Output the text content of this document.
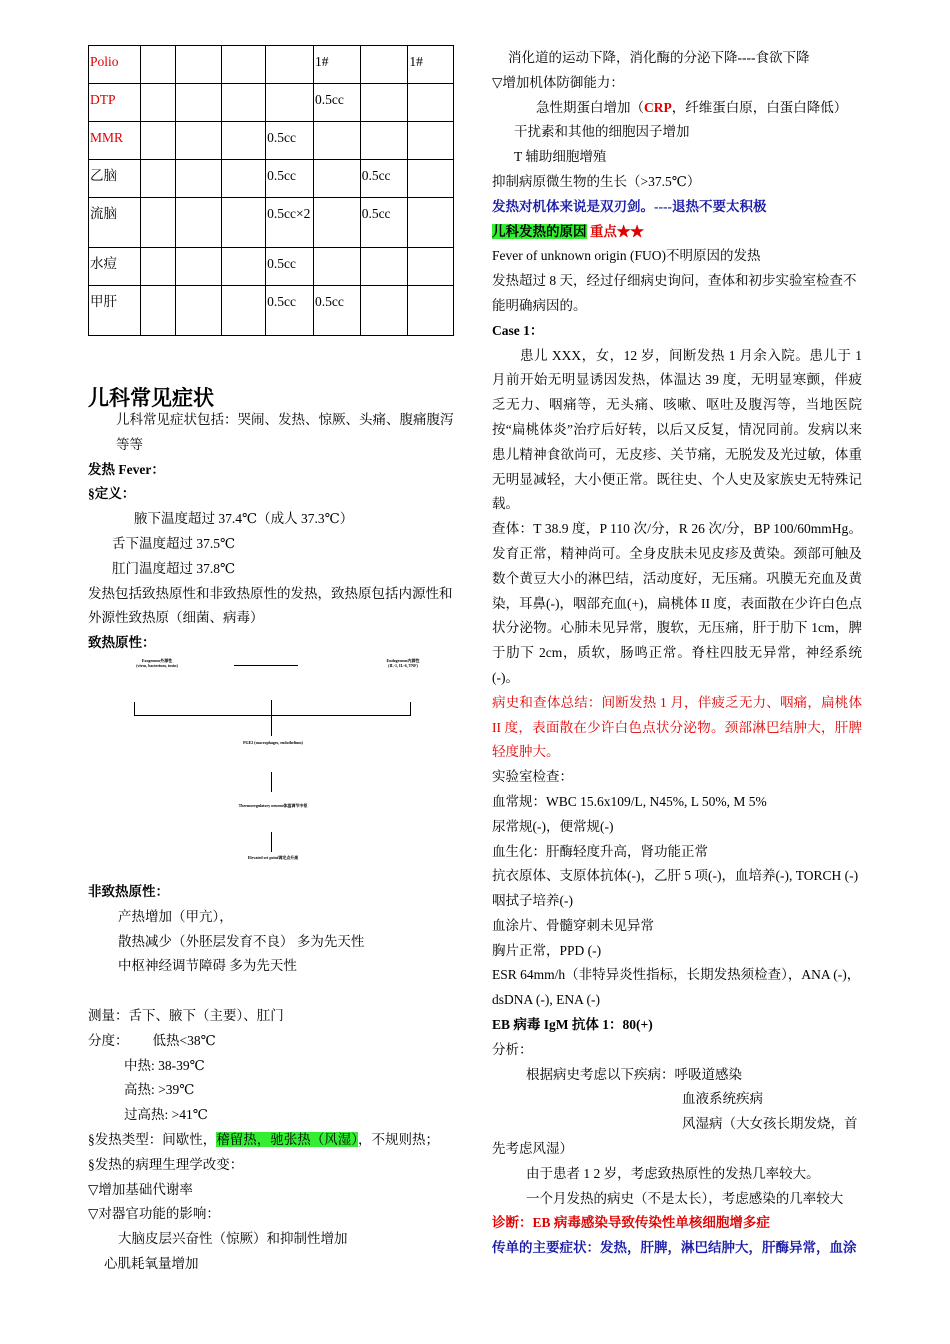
Polio					1#		1#
DTP					0.5cc		
MMR				0.5cc			
乙脑				0.5cc		0.5cc	
流脑				0.5cc×2		0.5cc	
水痘				0.5cc			
甲肝				0.5cc	0.5cc		
儿科常见症状

儿科常见症状包括：哭闹、发热、惊厥、头痛、腹痛腹泻等等

发热 Fever：

§定义：

腋下温度超过 37.4℃（成人 37.3℃）

舌下温度超过 37.5℃

肛门温度超过 37.8℃

发热包括致热原性和非致热原性的发热，致热原包括内源性和外源性致热原（细菌、病毒）

致热原性：

Exogenous外源性
(virus, bacterium, toxin)
Endogenous内源性
(IL-1, IL-6, TNF)
PGE2 (macrophages, endothelium)
Thermoregulatory neuron体温调节中枢
Elevated set point调定点升高

非致热原性：

产热增加（甲亢），

散热减少（外胚层发育不良） 多为先天性

中枢神经调节障碍 多为先天性

测量：舌下、腋下（主要）、肛门

分度： 低热<38℃

中热: 38-39℃

高热: >39℃

过高热: >41℃

§发热类型：间歇性，稽留热，驰张热（风湿），不规则热；

§发热的病理生理学改变：

▽增加基础代谢率

▽对器官功能的影响：

大脑皮层兴奋性（惊厥）和抑制性增加

心肌耗氧量增加

消化道的运动下降，消化酶的分泌下降----食欲下降

▽增加机体防御能力：

急性期蛋白增加（CRP，纤维蛋白原，白蛋白降低）

干扰素和其他的细胞因子增加

T 辅助细胞增殖

抑制病原微生物的生长（>37.5℃）

发热对机体来说是双刃剑。----退热不要太积极

儿科发热的原因 重点★★

Fever of unknown origin (FUO)不明原因的发热

发热超过 8 天，经过仔细病史询问，查体和初步实验室检查不能明确病因的。

Case 1：

患儿 XXX，女，12 岁，间断发热 1 月余入院。患儿于 1 月前开始无明显诱因发热，体温达 39 度，无明显寒颤，伴疲乏无力、咽痛等，无头痛、咳嗽、呕吐及腹泻等，当地医院按“扁桃体炎”治疗后好转，以后又反复，情况同前。发病以来患儿精神食欲尚可，无皮疹、关节痛，无脱发及光过敏，体重无明显减轻，大小便正常。既往史、个人史及家族史无特殊记载。

查体：T 38.9 度，P 110 次/分，R 26 次/分，BP 100/60mmHg。发育正常，精神尚可。全身皮肤未见皮疹及黄染。颈部可触及数个黄豆大小的淋巴结，活动度好，无压痛。巩膜无充血及黄染，耳鼻(-)，咽部充血(+)，扁桃体 II 度，表面散在少许白色点状分泌物。心肺未见异常，腹软，无压痛，肝于肋下 1cm，脾于肋下 2cm，质软，肠鸣正常。脊柱四肢无异常，神经系统(-)。

病史和查体总结：间断发热 1 月，伴疲乏无力、咽痛，扁桃体 II 度，表面散在少许白色点状分泌物。颈部淋巴结肿大，肝脾轻度肿大。

实验室检查：

血常规：WBC 15.6x109/L, N45%, L 50%, M 5%

尿常规(-)，便常规(-)

血生化：肝酶轻度升高，肾功能正常

抗衣原体、支原体抗体(-)，乙肝 5 项(-)，血培养(-), TORCH (-)

咽拭子培养(-)

血涂片、骨髓穿刺未见异常

胸片正常，PPD (-)

ESR 64mm/h（非特异炎性指标，长期发热须检查），ANA (-)，dsDNA (-), ENA (-)

EB 病毒 IgM 抗体 1：80(+)

分析：

根据病史考虑以下疾病：呼吸道感染

血液系统疾病

风湿病（大女孩长期发烧，首先考虑风湿）

由于患者 1 2 岁，考虑致热原性的发热几率较大。

一个月发热的病史（不是太长），考虑感染的几率较大

诊断：EB 病毒感染导致传染性单核细胞增多症

传单的主要症状：发热，肝脾，淋巴结肿大，肝酶异常，血涂
